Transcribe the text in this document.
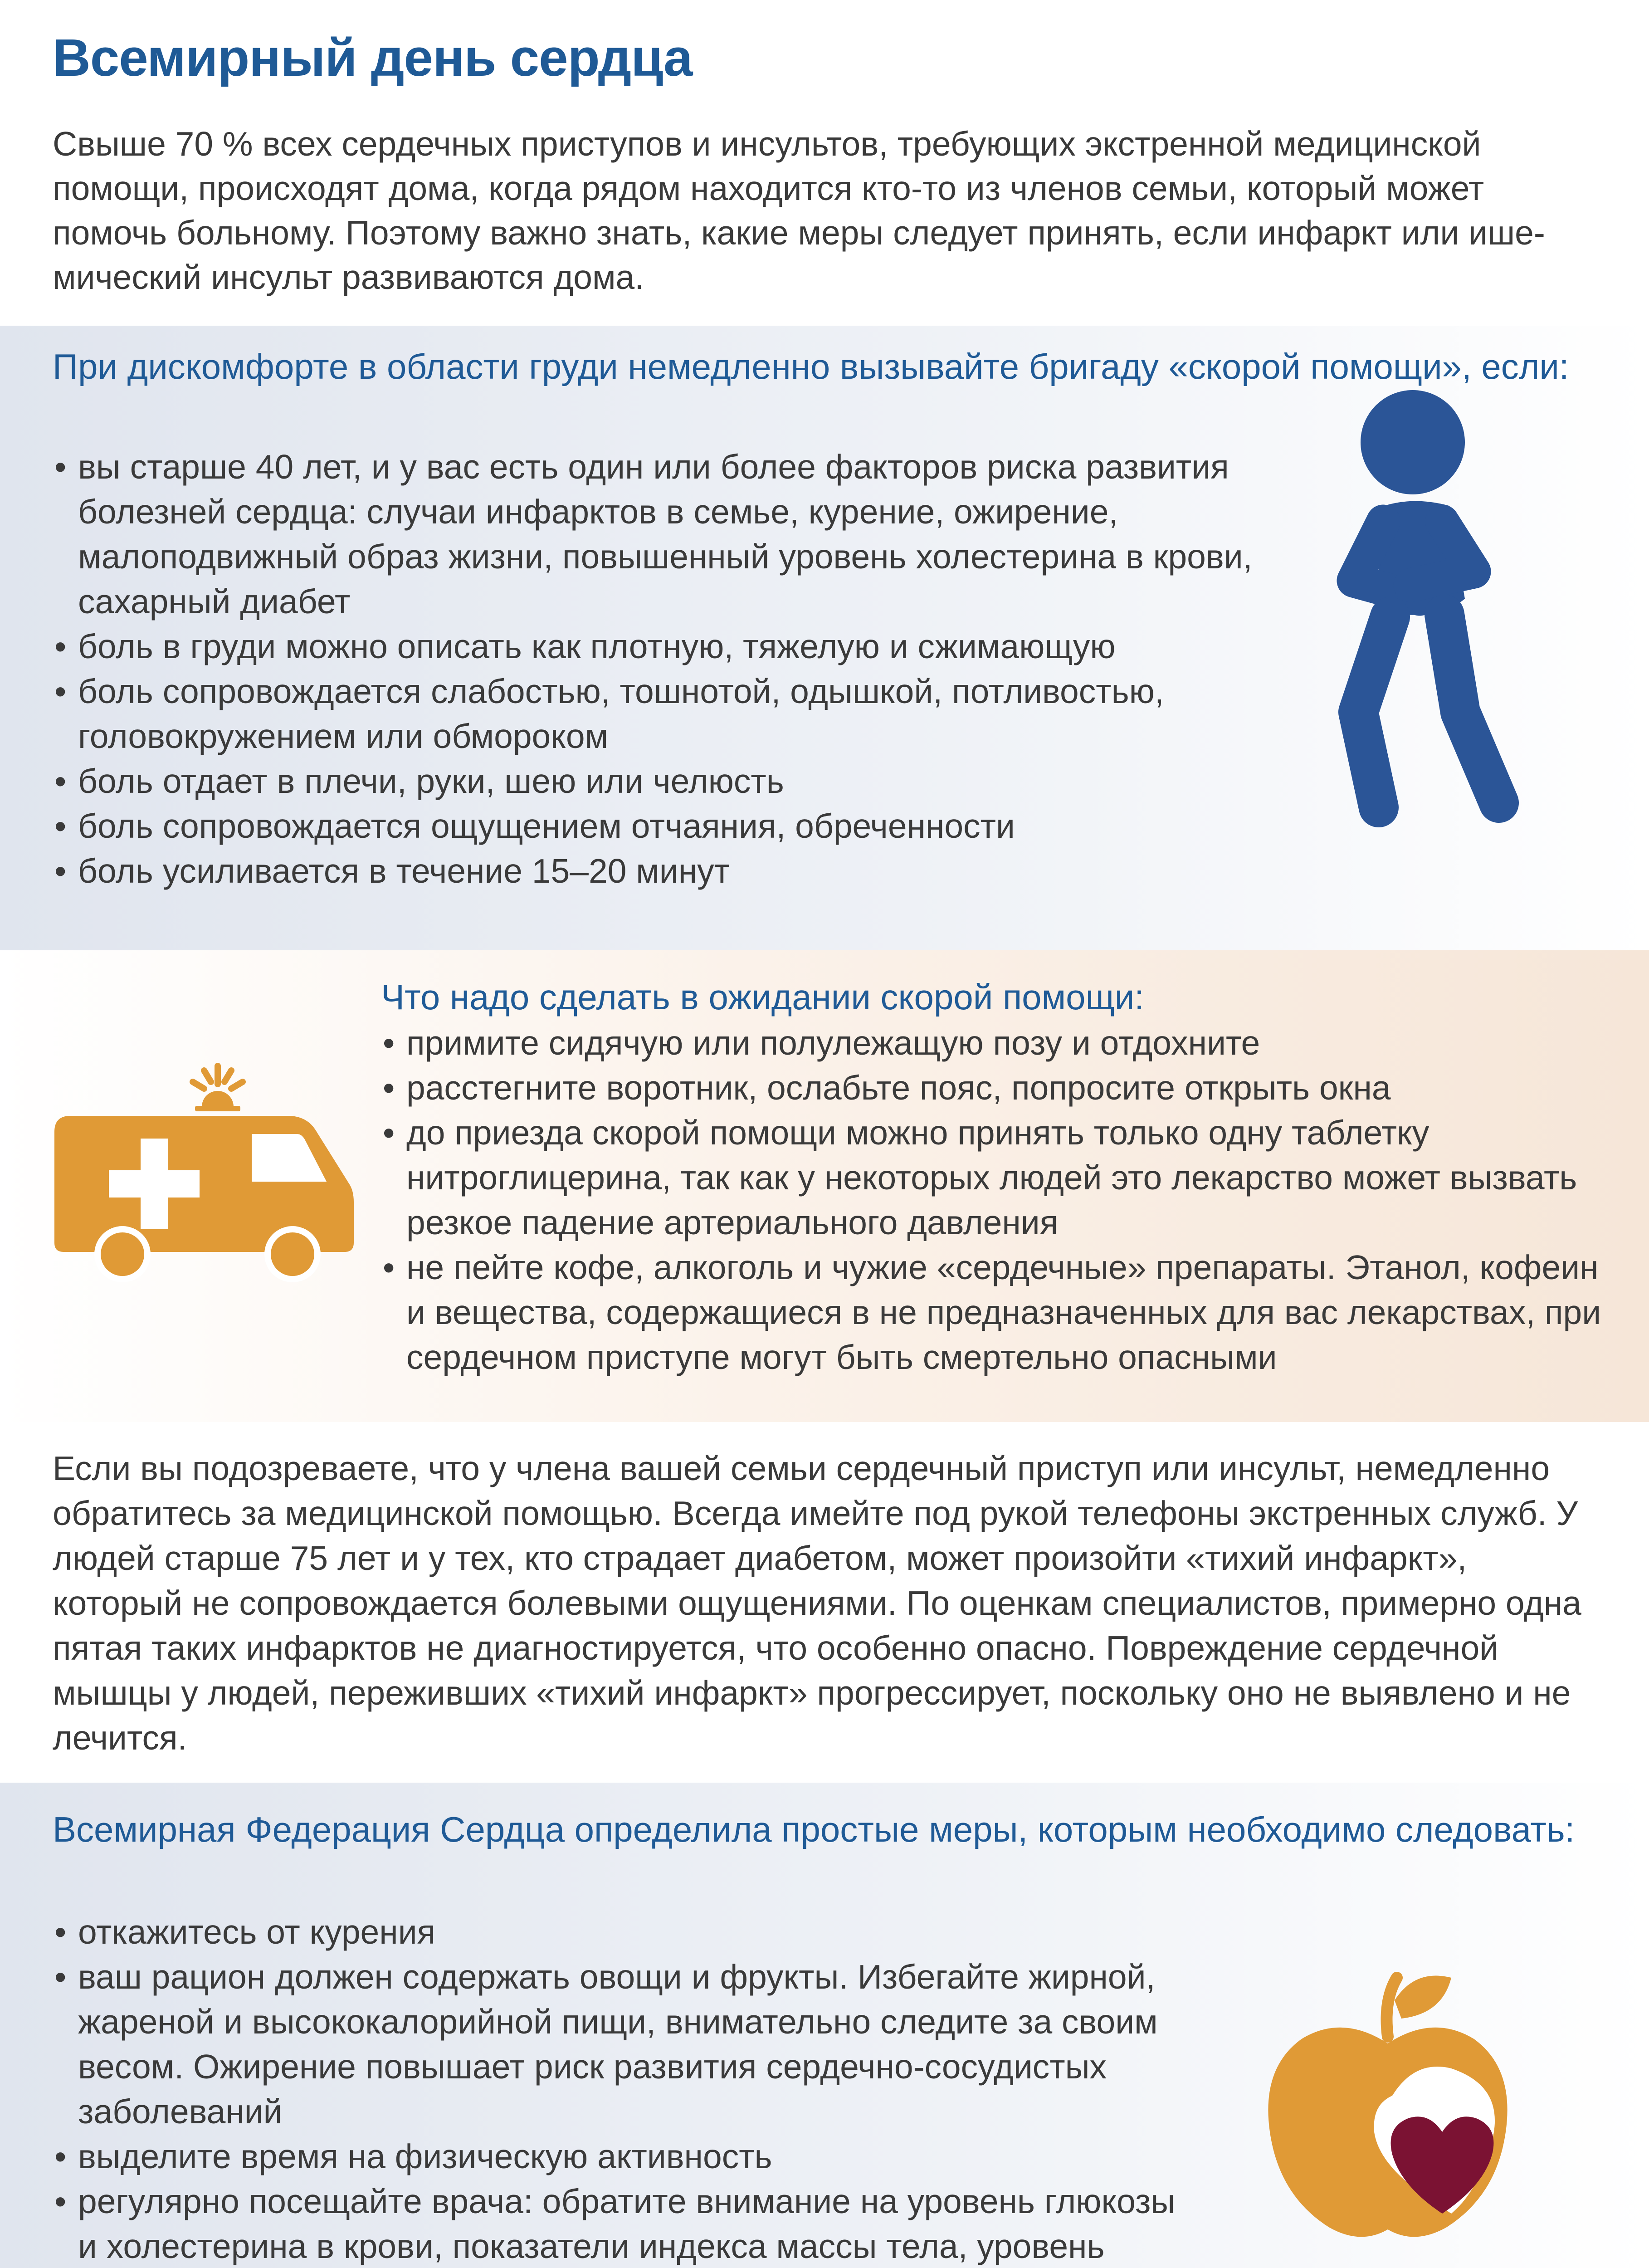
Всемирный день сердца

Свыше 70 % всех сердечных приступов и инсультов, требующих экстренной медицинской помощи, происходят дома, когда рядом находится кто-то из членов семьи, который может помочь больному. Поэтому важно знать, какие меры следует принять, если инфаркт или ише-мический инсульт развиваются дома.

При дискомфорте в области груди немедленно вызывайте бригаду «скорой помощи», если:
• вы старше 40 лет, и у вас есть один или более факторов риска развития болезней сердца: случаи инфарктов в семье, курение, ожирение, малоподвижный образ жизни, повышенный уровень холестерина в крови, сахарный диабет
• боль в груди можно описать как плотную, тяжелую и сжимающую
• боль сопровождается слабостью, тошнотой, одышкой, потливостью, головокружением или обмороком
• боль отдает в плечи, руки, шею или челюсть
• боль сопровождается ощущением отчаяния, обреченности
• боль усиливается в течение 15–20 минут
Что надо сделать в ожидании скорой помощи:
• примите сидячую или полулежащую позу и отдохните
• расстегните воротник, ослабьте пояс, попросите открыть окна
• до приезда скорой помощи можно принять только одну таблетку нитроглицерина, так как у некоторых людей это лекарство может вызвать резкое падение артериального давления
• не пейте кофе, алкоголь и чужие «сердечные» препараты. Этанол, кофеин и вещества, содержащиеся в не предназначенных для вас лекарствах, при сердечном приступе могут быть смертельно опасными

Если вы подозреваете, что у члена вашей семьи сердечный приступ или инсульт, немедленно обратитесь за медицинской помощью. Всегда имейте под рукой телефоны экстренных служб. У людей старше 75 лет и у тех, кто страдает диабетом, может произойти «тихий инфаркт», который не сопровождается болевыми ощущениями. По оценкам специалистов, примерно одна пятая таких инфарктов не диагностируется, что особенно опасно. Повреждение сердечной мышцы у людей, переживших «тихий инфаркт» прогрессирует, поскольку оно не выявлено и не лечится.

Всемирная Федерация Сердца определила простые меры, которым необходимо следовать:
• откажитесь от курения
• ваш рацион должен содержать овощи и фрукты. Избегайте жирной, жареной и высококалорийной пищи, внимательно следите за своим весом. Ожирение повышает риск развития сердечно-сосудистых заболеваний
• выделите время на физическую активность
• регулярно посещайте врача: обратите внимание на уровень глюкозы и холестерина в крови, показатели индекса массы тела, уровень
